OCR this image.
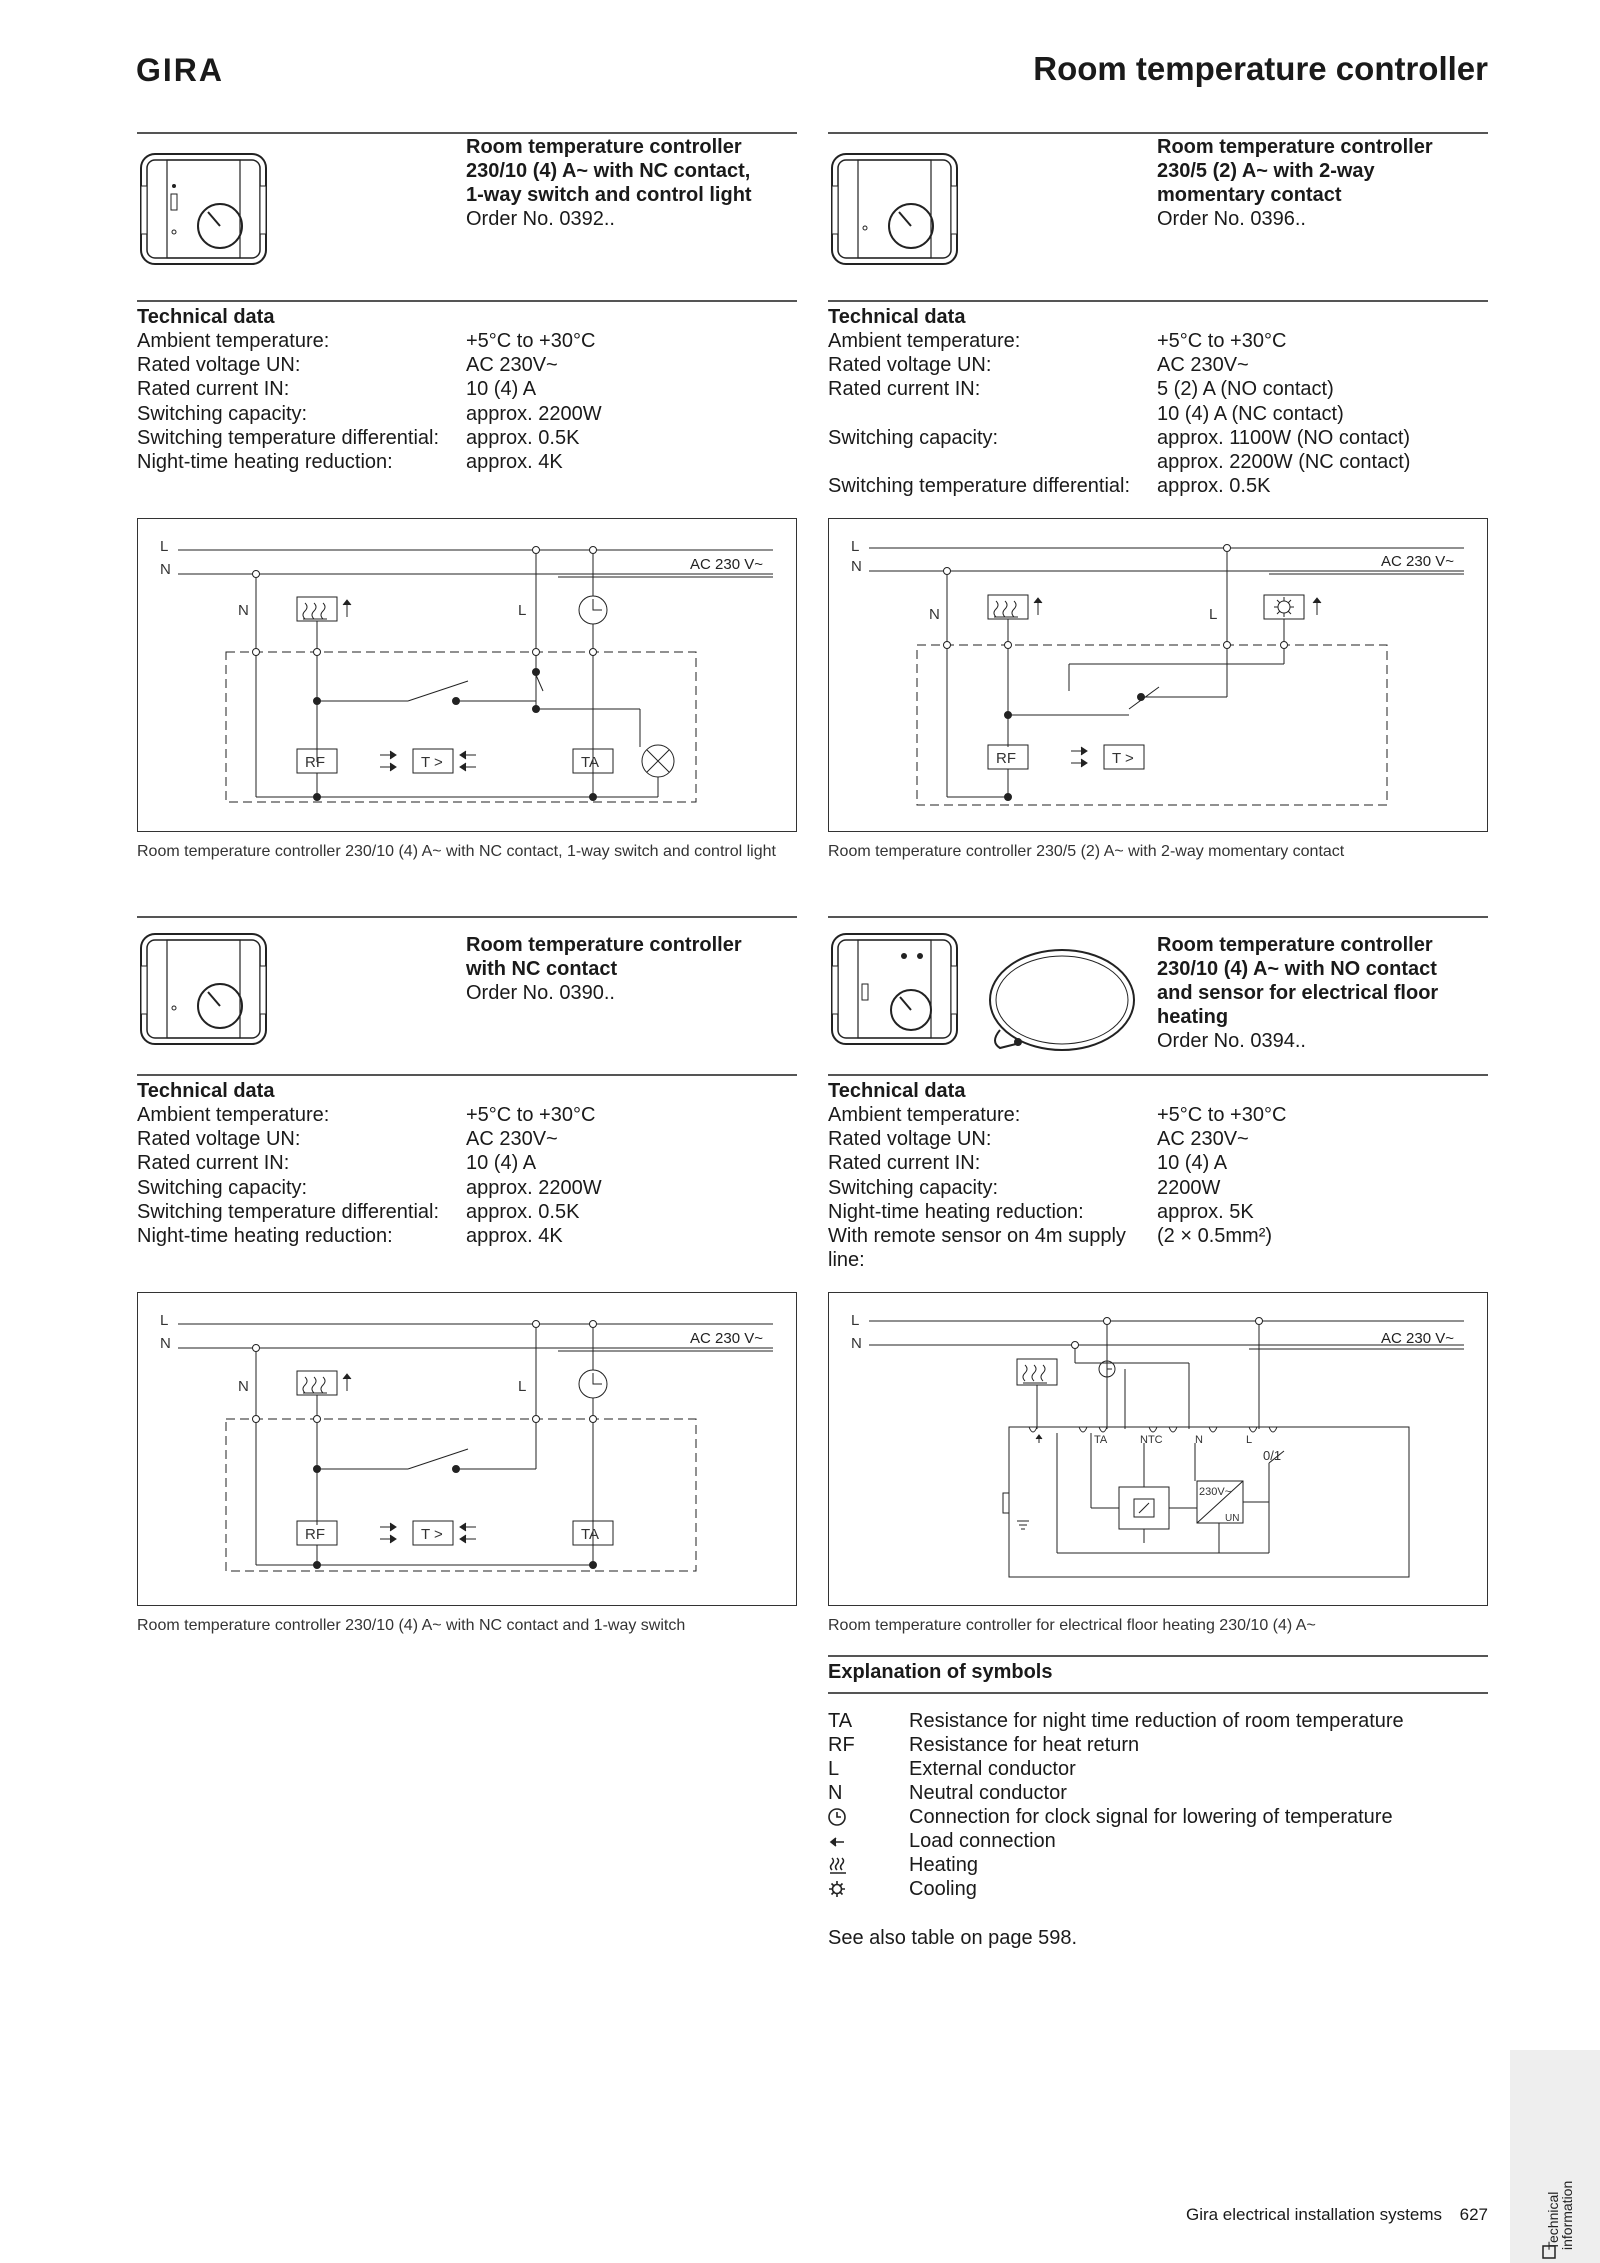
GIRA	Room temperature controller
Room temperature controller
230/10 (4) A~ with NC contact,
1-way switch and control light
Order No. 0392..
Technical data
Ambient temperature:	+5°C to +30°C
Rated voltage UN:	AC 230V~
Rated current IN:	10 (4) A
Switching capacity:	approx. 2200W
Switching temperature differential:	approx. 0.5K
Night-time heating reduction:	approx. 4K
L
N	AC 230 V~
N	L
RF	T >	TA
Room temperature controller 230/10 (4) A~ with NC contact, 1-way switch and control light
Room temperature controller
230/5 (2) A~ with 2-way
momentary contact
Order No. 0396..
Technical data
Ambient temperature:	+5°C to +30°C
Rated voltage UN:	AC 230V~
Rated current IN:	5 (2) A (NO contact)
	10 (4) A (NC contact)
Switching capacity:	approx. 1100W (NO contact)
	approx. 2200W (NC contact)
Switching temperature differential:	approx. 0.5K
L
N	AC 230 V~
N	L
RF	T >
Room temperature controller 230/5 (2) A~ with 2-way momentary contact
Room temperature controller
with NC contact
Order No. 0390..
Technical data
Ambient temperature:	+5°C to +30°C
Rated voltage UN:	AC 230V~
Rated current IN:	10 (4) A
Switching capacity:	approx. 2200W
Switching temperature differential:	approx. 0.5K
Night-time heating reduction:	approx. 4K
L
N	AC 230 V~
N	L
RF	T >	TA
Room temperature controller 230/10 (4) A~ with NC contact and 1-way switch
Room temperature controller
230/10 (4) A~ with NO contact
and sensor for electrical floor
heating
Order No. 0394..
Technical data
Ambient temperature:	+5°C to +30°C
Rated voltage UN:	AC 230V~
Rated current IN:	10 (4) A
Switching capacity:	2200W
Night-time heating reduction:	approx. 5K
With remote sensor on 4m supply	(2 × 0.5mm²)
line:	
L
N	AC 230 V~
TA	NTC	N	L
0/1
230V~
UN
Room temperature controller for electrical floor heating 230/10 (4) A~
Explanation of symbols
TA	Resistance for night time reduction of room temperature
RF	Resistance for heat return
L	External conductor
N	Neutral conductor
Connection for clock signal for lowering of temperature
Load connection
Heating
Cooling
See also table on page 598.
Technical
information
Gira electrical installation systems 627
